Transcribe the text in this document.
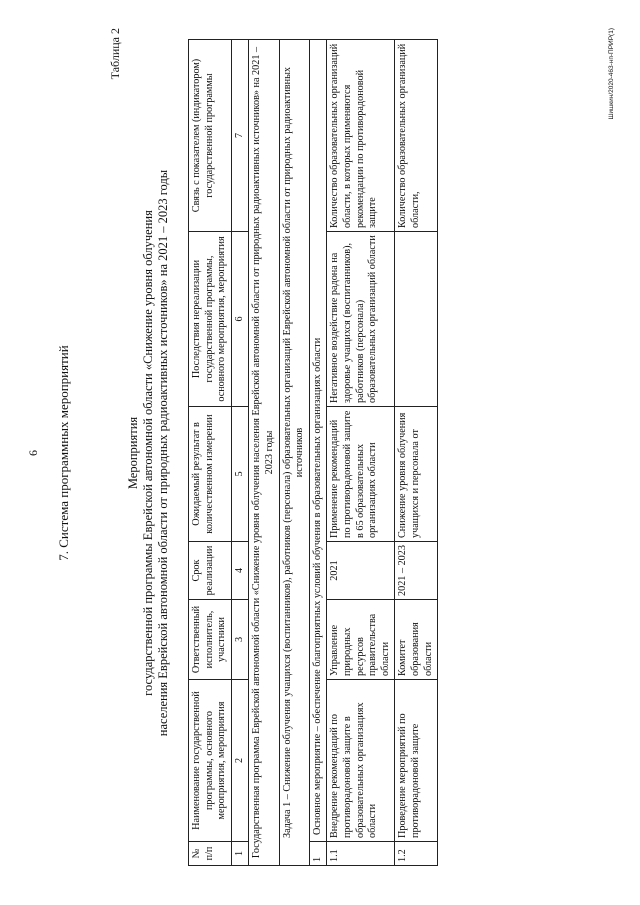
6 7. Система программных мероприятий
Таблица 2
Мероприятия государственной программы Еврейской автономной области «Снижение уровня облучения населения Еврейской автономной области от природных радиоактивных источников» на 2021 – 2023 годы
№ п/п	Наименование государственной программы, основного мероприятия, мероприятия	Ответственный исполнитель, участники	Срок реализации	Ожидаемый результат в количественном измерении	Последствия нереализации государственной программы, основного мероприятия, мероприятия	Связь с показателем (индикатором) государственной программы
1	2	3	4	5	6	7
Государственная программа Еврейской автономной области «Снижение уровня облучения населения Еврейской автономной области от природных радиоактивных источников» на 2021 – 2023 годы						
Задача 1 – Снижение облучения учащихся (воспитанников), работников (персонала) образовательных организаций Еврейской автономной области от природных радиоактивных источников						
1	Основное мероприятие – обеспечение благоприятных условий обучения в образовательных организациях области					
1.1	Внедрение рекомендаций по противорадоновой защите в образовательных организациях области	Управление природных ресурсов правительства области	2021	Применение рекомендаций по противорадоновой защите в 65 образовательных организациях области	Негативное воздействие радона на здоровье учащихся (воспитанников), работников (персонала) образовательных организаций области	Количество образовательных организаций области, в которых применяются рекомендации по противорадоновой защите
1.2	Проведение мероприятий по противорадоновой защите	Комитет образования области	2021 – 2023	Снижение уровня облучения учащихся и персонала от		Количество образовательных организаций области,
Шишкин/2020-463-нп-ПРИР(1)
